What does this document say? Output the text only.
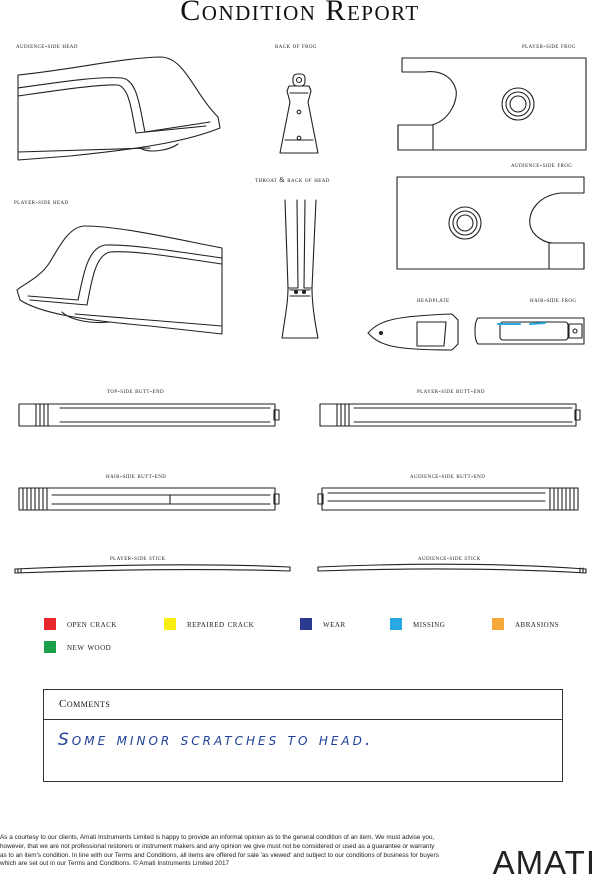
Condition Report
audience-side head	back of frog	player-side frog
audience-side frog
throat & back of head
player-side head
headplate	hair-side frog
top-side butt-end	player-side butt-end
hair-side butt-end	audience-side butt-end
player-side stick	audience-side stick
open crack	repaired crack	wear	missing	abrasions
new wood
Comments
Some minor scratches to head.
As a courtesy to our clients, Amati Instruments Limited is happy to provide an informal opinion as to the general condition of an item. We must advise you, however, that we are not professional restorers or instrument makers and any opinion we give must not be considered or used as a guarantee or warranty as to an item's condition. In line with our Terms and Conditions, all items are offered for sale 'as viewed' and subject to our conditions of business for buyers which are set out in our Terms and Conditions. © Amati Instruments Limited 2017	AMATI
